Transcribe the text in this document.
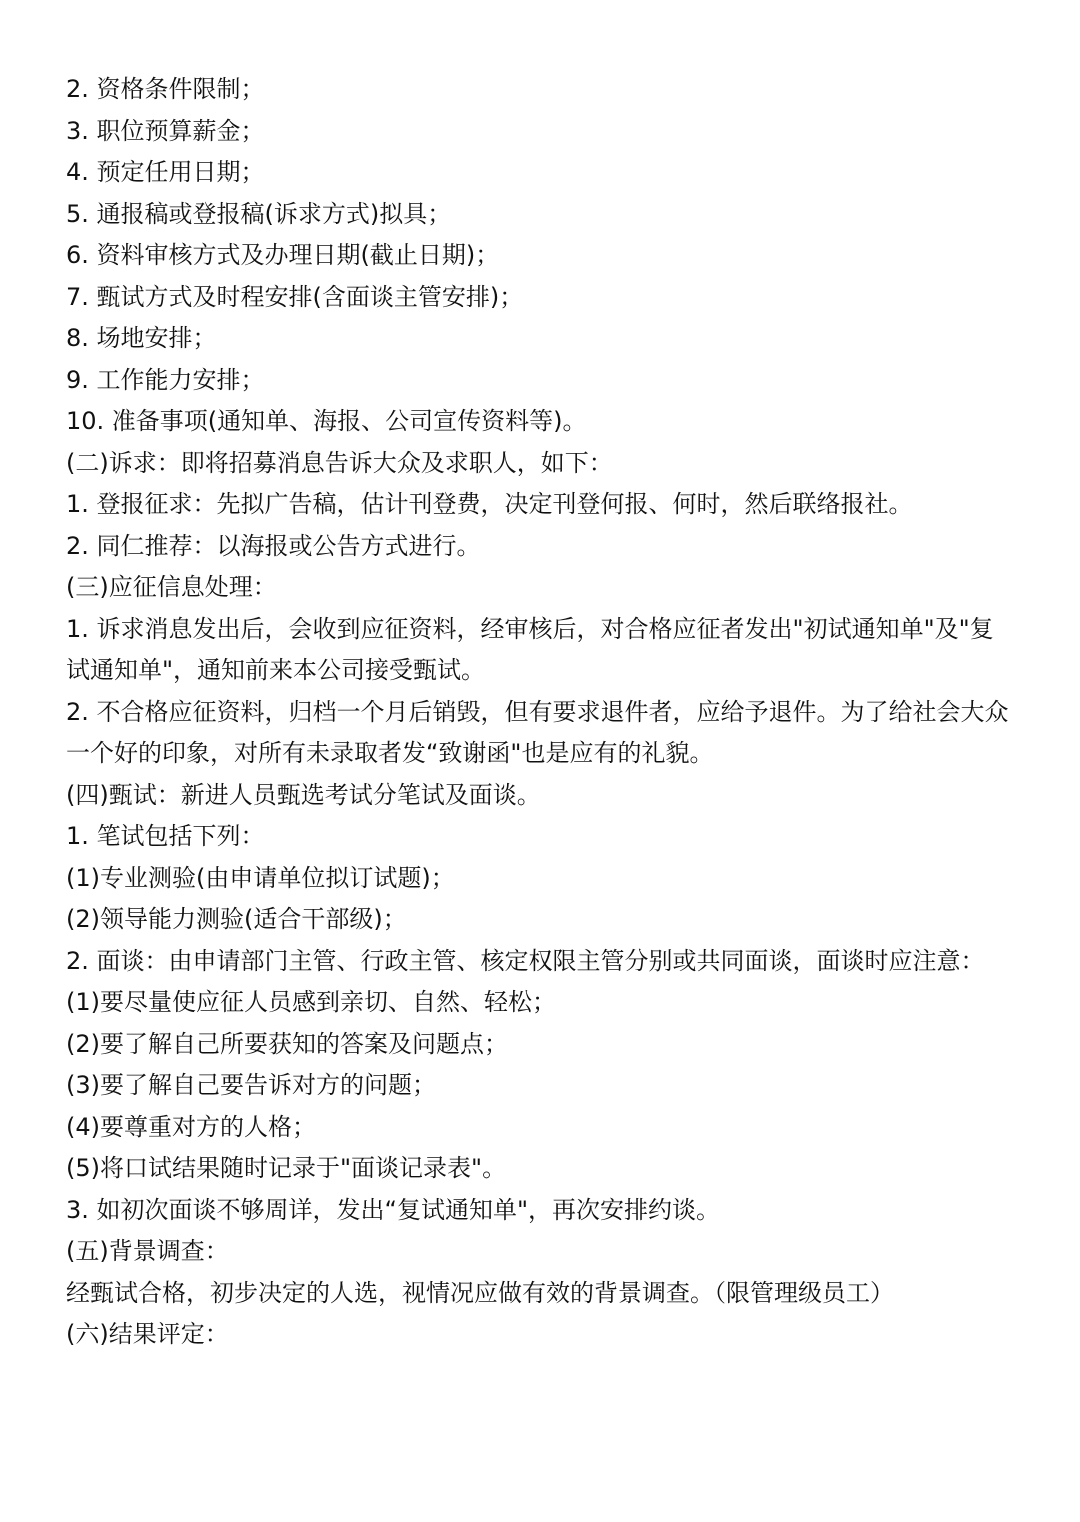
2. 资格条件限制；

3. 职位预算薪金；

4. 预定任用日期；

5. 通报稿或登报稿(诉求方式)拟具；

6. 资料审核方式及办理日期(截止日期)；

7. 甄试方式及时程安排(含面谈主管安排)；

8. 场地安排；

9. 工作能力安排；

10. 准备事项(通知单、海报、公司宣传资料等)。

(二)诉求：即将招募消息告诉大众及求职人，如下：

1. 登报征求：先拟广告稿，估计刊登费，决定刊登何报、何时，然后联络报社。

2. 同仁推荐：以海报或公告方式进行。

(三)应征信息处理：

1. 诉求消息发出后，会收到应征资料，经审核后，对合格应征者发出"初试通知单"及"复试通知单"，通知前来本公司接受甄试。

2. 不合格应征资料，归档一个月后销毁，但有要求退件者，应给予退件。为了给社会大众一个好的印象，对所有未录取者发“致谢函"也是应有的礼貌。

(四)甄试：新进人员甄选考试分笔试及面谈。

1. 笔试包括下列：

(1)专业测验(由申请单位拟订试题)；

(2)领导能力测验(适合干部级)；

2. 面谈：由申请部门主管、行政主管、核定权限主管分别或共同面谈，面谈时应注意：

(1)要尽量使应征人员感到亲切、自然、轻松；

(2)要了解自己所要获知的答案及问题点；

(3)要了解自己要告诉对方的问题；

(4)要尊重对方的人格；

(5)将口试结果随时记录于"面谈记录表"。

3. 如初次面谈不够周详，发出“复试通知单"，再次安排约谈。

(五)背景调查：

经甄试合格，初步决定的人选，视情况应做有效的背景调查。（限管理级员工）

(六)结果评定：
